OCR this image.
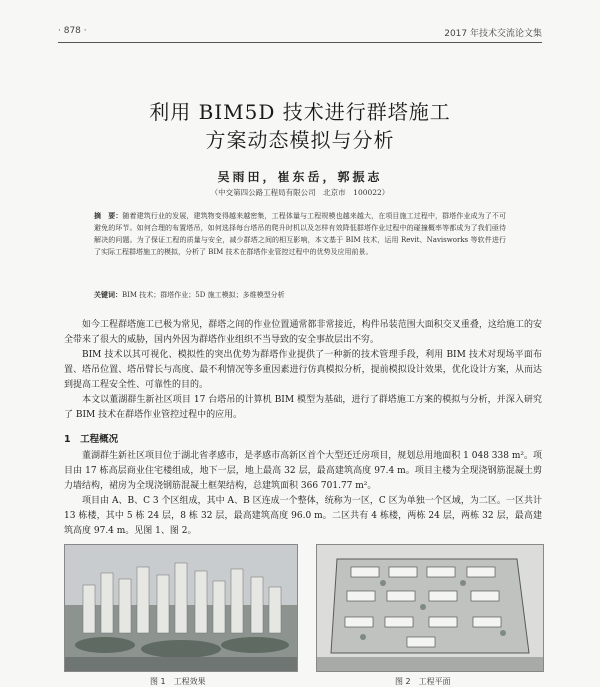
· 878 ·	2017 年技术交流论文集
利用 BIM5D 技术进行群塔施工
方案动态模拟与分析
吴雨田，崔东岳，郭振志
（中交第四公路工程局有限公司　北京市　100022）
摘　要：随着建筑行业的发展，建筑物变得越来越密集，工程体量与工程规模也越来越大，在项目施工过程中，群塔作业成为了不可避免的环节。如何合理的布置塔吊，如何选择每台塔吊的爬升时机以及怎样有效降低群塔作业过程中的碰撞概率等都成为了我们亟待解决的问题。为了保证工程的质量与安全，减少群塔之间的相互影响，本文基于 BIM 技术，运用 Revit、Navisworks 等软件进行了实际工程群塔施工的模拟，分析了 BIM 技术在群塔作业管控过程中的优势及应用前景。
关键词：BIM 技术；群塔作业；5D 施工模拟；多维模型分析

如今工程群塔施工已极为常见，群塔之间的作业位置通常都非常接近，构件吊装范围大面积交叉重叠，这给施工的安全带来了很大的威胁，国内外因为群塔作业组织不当导致的安全事故层出不穷。

BIM 技术以其可视化、模拟性的突出优势为群塔作业提供了一种新的技术管理手段，利用 BIM 技术对现场平面布置、塔吊位置、塔吊臂长与高度、最不利情况等多重因素进行仿真模拟分析，提前模拟设计效果，优化设计方案，从而达到提高工程安全性、可靠性的目的。

本文以董湖群生新社区项目 17 台塔吊的计算机 BIM 模型为基础，进行了群塔施工方案的模拟与分析，并深入研究了 BIM 技术在群塔作业管控过程中的应用。

1　工程概况

董湖群生新社区项目位于湖北省孝感市，是孝感市高新区首个大型还迁房项目，规划总用地面积 1 048 338 m²。项目由 17 栋高层商业住宅楼组成，地下一层，地上最高 32 层，最高建筑高度 97.4 m。项目主楼为全现浇钢筋混凝土剪力墙结构，裙房为全现浇钢筋混凝土框架结构，总建筑面积 366 701.77 m²。

项目由 A、B、C 3 个区组成，其中 A、B 区连成一个整体，统称为一区，C 区为单独一个区域，为二区。一区共计 13 栋楼，其中 5 栋 24 层，8 栋 32 层，最高建筑高度 96.0 m。二区共有 4 栋楼，两栋 24 层，两栋 32 层，最高建筑高度 97.4 m。见图 1、图 2。

图 1　工程效果	图 2　工程平面
